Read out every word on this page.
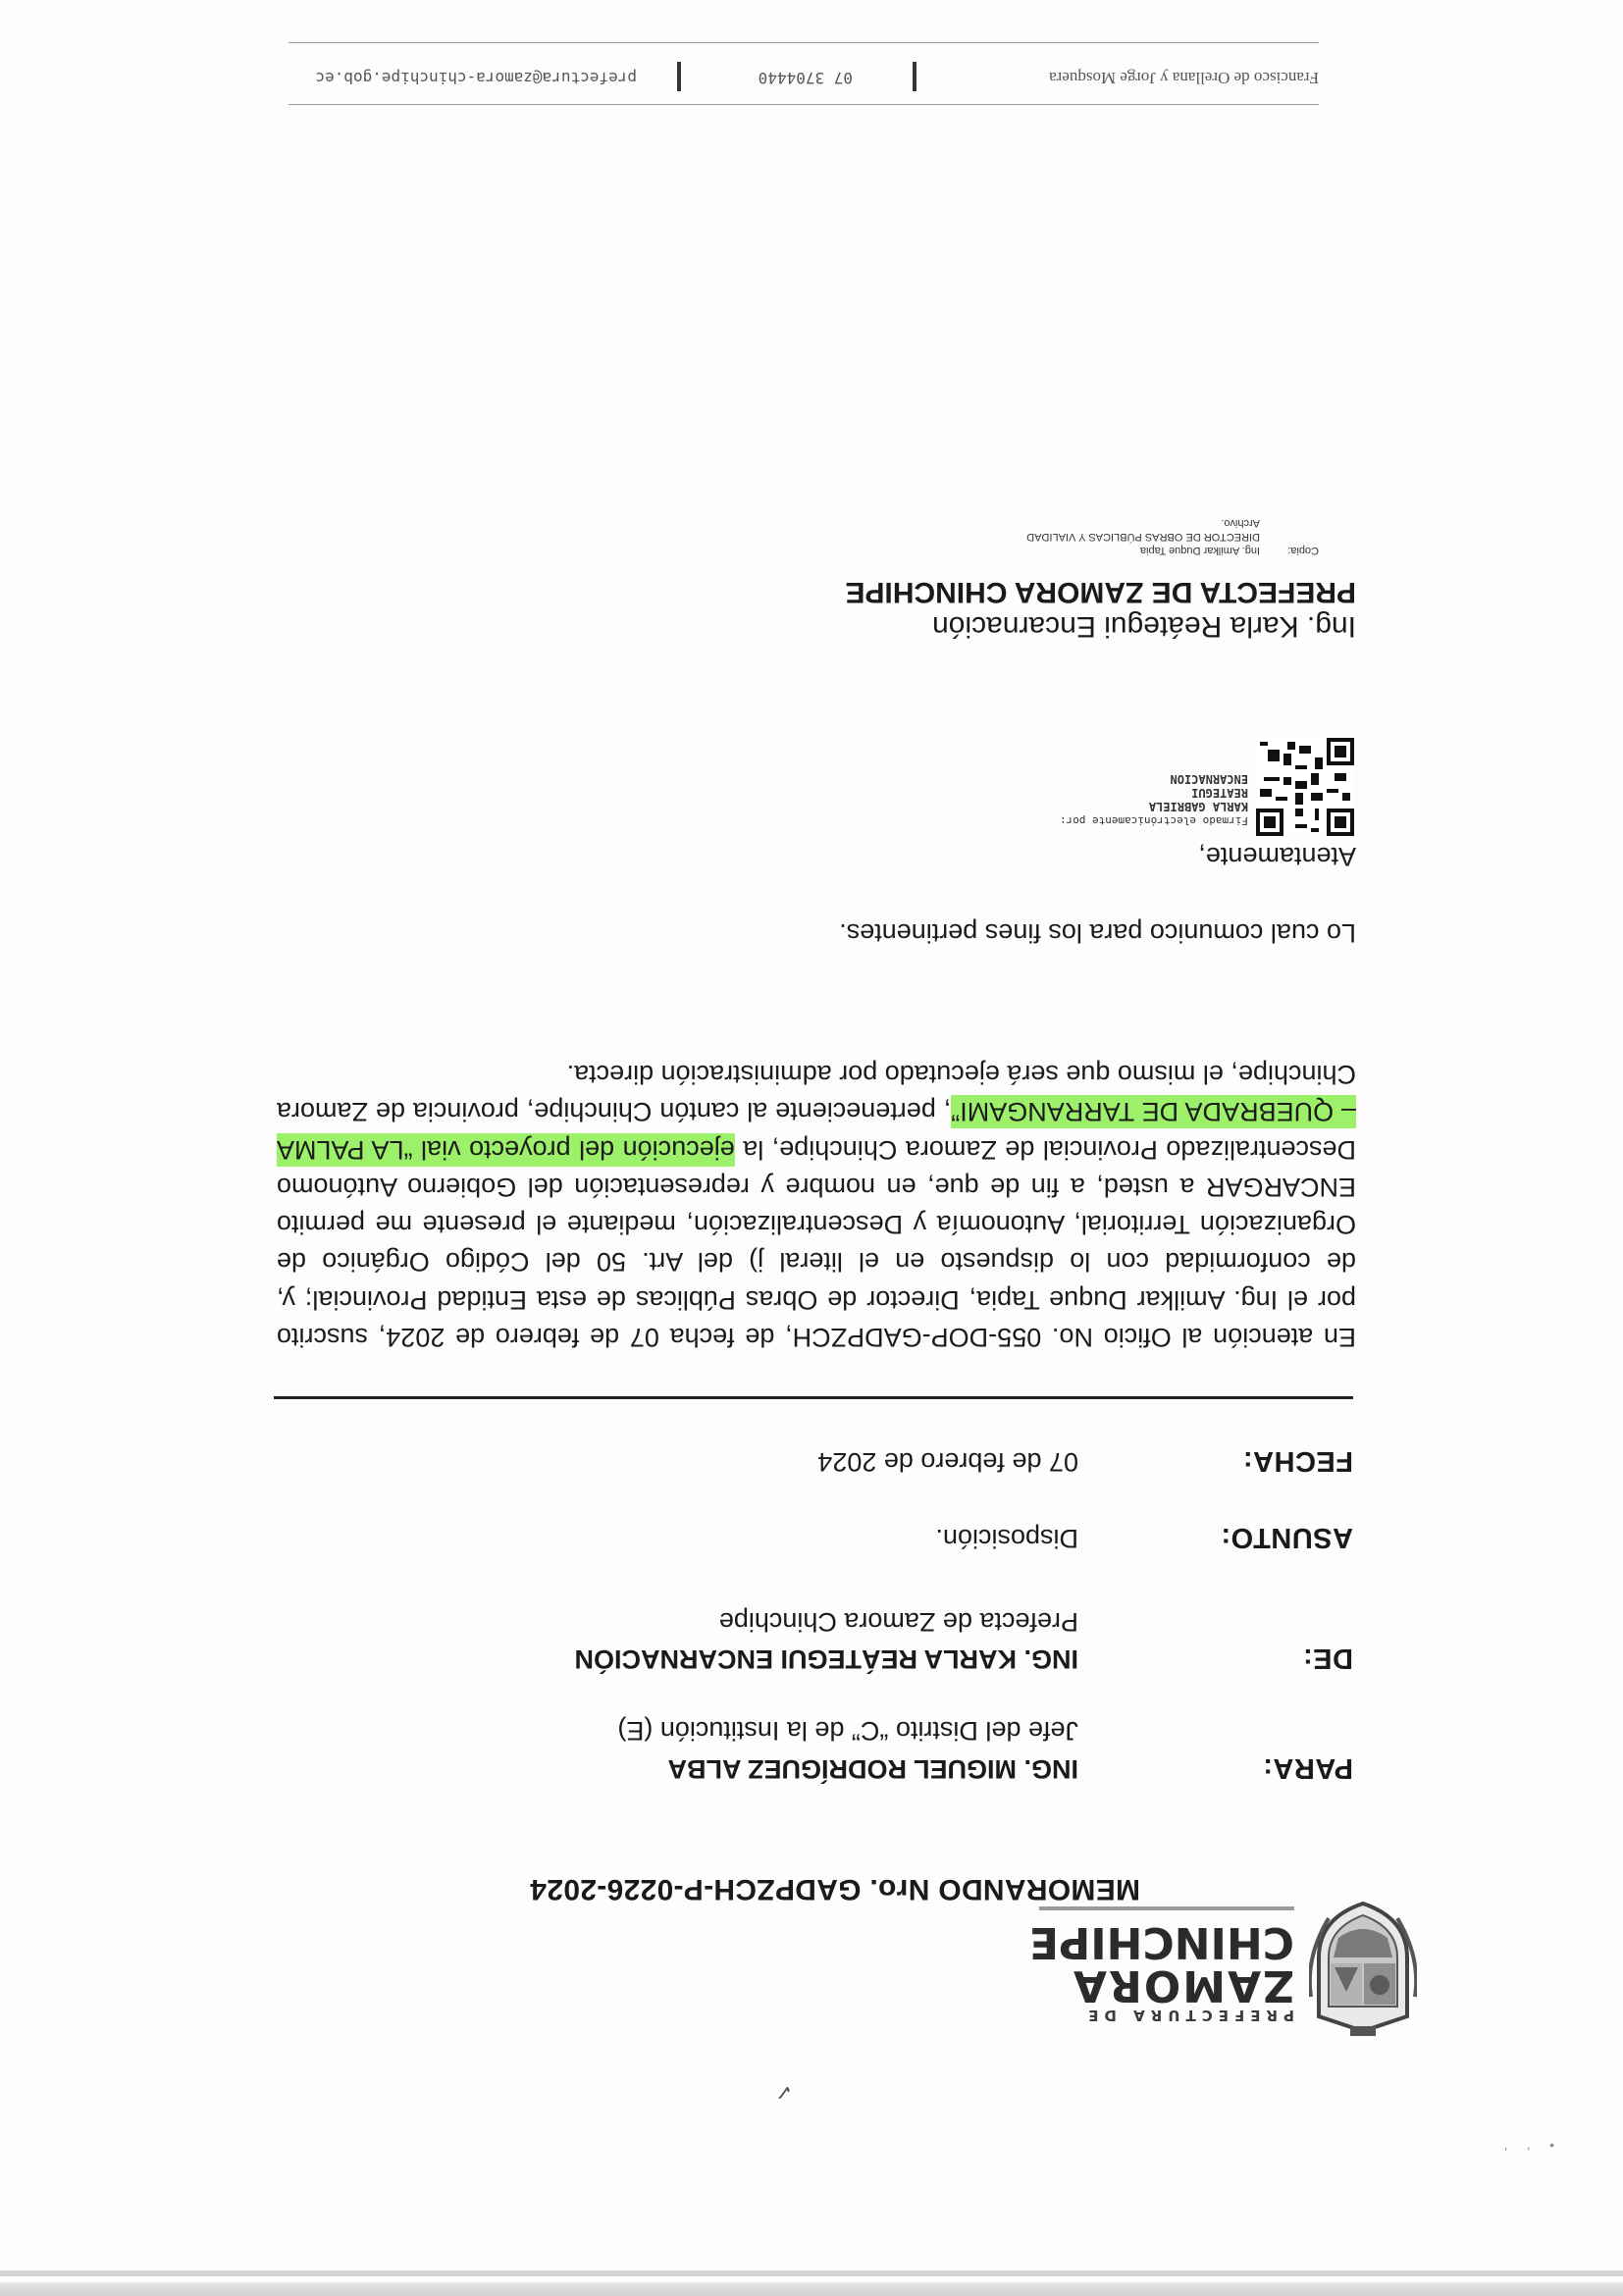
• ‘ ’
PREFECTURA DE
ZAMORA
CHINCHIPE
✓
MEMORANDO Nro. GADPZCH-P-0226-2024
PARA:
ING. MIGUEL RODRÍGUEZ ALBA
Jefe del Distrito “C” de la Institución (E)
DE:
ING. KARLA REÁTEGUI ENCARNACIÓN
Prefecta de Zamora Chinchipe
ASUNTO:
Disposición.
FECHA:
07 de febrero de 2024
En atención al Oficio No. 055-DOP-GADPZCH, de fecha 07 de febrero de 2024, suscrito por el Ing. Amilkar Duque Tapia, Director de Obras Públicas de esta Entidad Provincial; y, de conformidad con lo dispuesto en el literal j) del Art. 50 del Código Orgánico de Organización Territorial, Autonomía y Descentralización, mediante el presente me permito ENCARGAR a usted, a fin de que, en nombre y representación del Gobierno Autónomo Descentralizado Provincial de Zamora Chinchipe, la ejecución del proyecto vial “LA PALMA – QUEBRADA DE TARRANGAMI”, perteneciente al cantón Chinchipe, provincia de Zamora Chinchipe, el mismo que será ejecutado por administración directa.
Lo cual comunico para los fines pertinentes.
Atentamente,
Firmado electrónicamente por:
KARLA GABRIELA
REATEGUI
ENCARNACION
Ing. Karla Reátegui Encarnación
PREFECTA DE ZAMORA CHINCHIPE
Copia:
Ing. Amilkar Duque Tapia
DIRECTOR DE OBRAS PÚBLICAS Y VIALIDAD
Archivo.
Francisco de Orellana y Jorge Mosquera
07 3704440
prefectura@zamora-chinchipe.gob.ec
